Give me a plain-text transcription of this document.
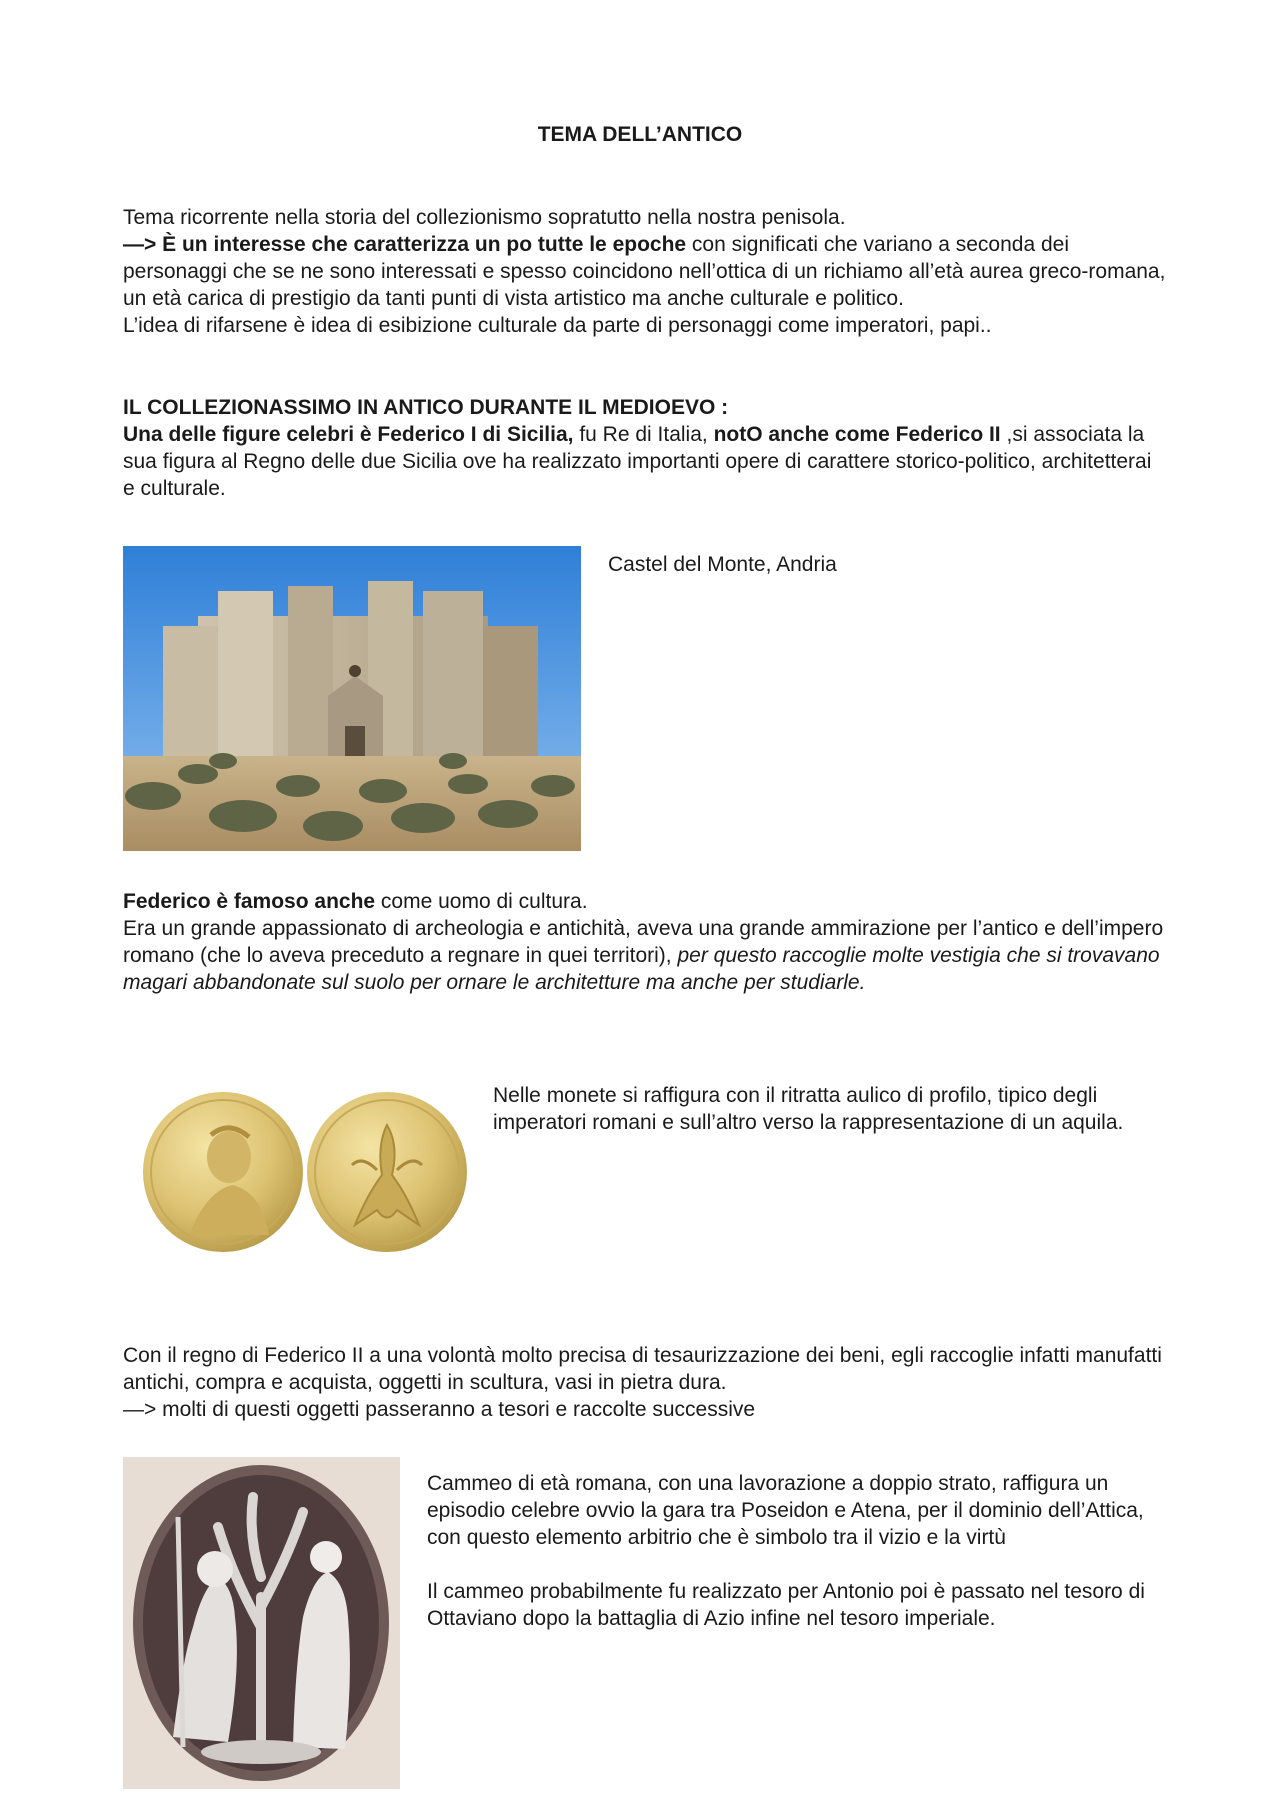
TEMA DELL’ANTICO

Tema ricorrente nella storia del collezionismo sopratutto nella nostra penisola.

—> È un interesse che caratterizza un po tutte le epoche con significati che variano a seconda dei personaggi che se ne sono interessati e spesso coincidono nell’ottica di un richiamo all’età aurea greco-romana, un età carica di prestigio da tanti punti di vista artistico ma anche culturale e politico.

L’idea di rifarsene è idea di esibizione culturale da parte di personaggi come imperatori, papi..

IL COLLEZIONASSIMO IN ANTICO DURANTE IL MEDIOEVO :

Una delle figure celebri è Federico I di Sicilia, fu Re di Italia, notO anche come Federico II ,si associata la sua figura al Regno delle due Sicilia ove ha realizzato importanti opere di carattere storico-politico, architetterai e culturale.

Castel del Monte, Andria

Federico è famoso anche come uomo di cultura.

Era un grande appassionato di archeologia e antichità, aveva una grande ammirazione per l’antico e dell’impero romano (che lo aveva preceduto a regnare in quei territori), per questo raccoglie molte vestigia che si trovavano magari abbandonate sul suolo per ornare le architetture ma anche per studiarle.

Nelle monete si raffigura con il ritratta aulico di profilo, tipico degli imperatori romani e sull’altro verso la rappresentazione di un aquila.

Con il regno di Federico II a una volontà molto precisa di tesaurizzazione dei beni, egli raccoglie infatti manufatti antichi, compra e acquista, oggetti in scultura, vasi in pietra dura.

—> molti di questi oggetti passeranno a tesori e raccolte successive

Cammeo di età romana, con una lavorazione a doppio strato, raffigura un episodio celebre ovvio la gara tra Poseidon e Atena, per il dominio dell’Attica, con questo elemento arbitrio che è simbolo tra il vizio e la virtù

Il cammeo probabilmente fu realizzato per Antonio poi è passato nel tesoro di Ottaviano dopo la battaglia di Azio infine nel tesoro imperiale.
